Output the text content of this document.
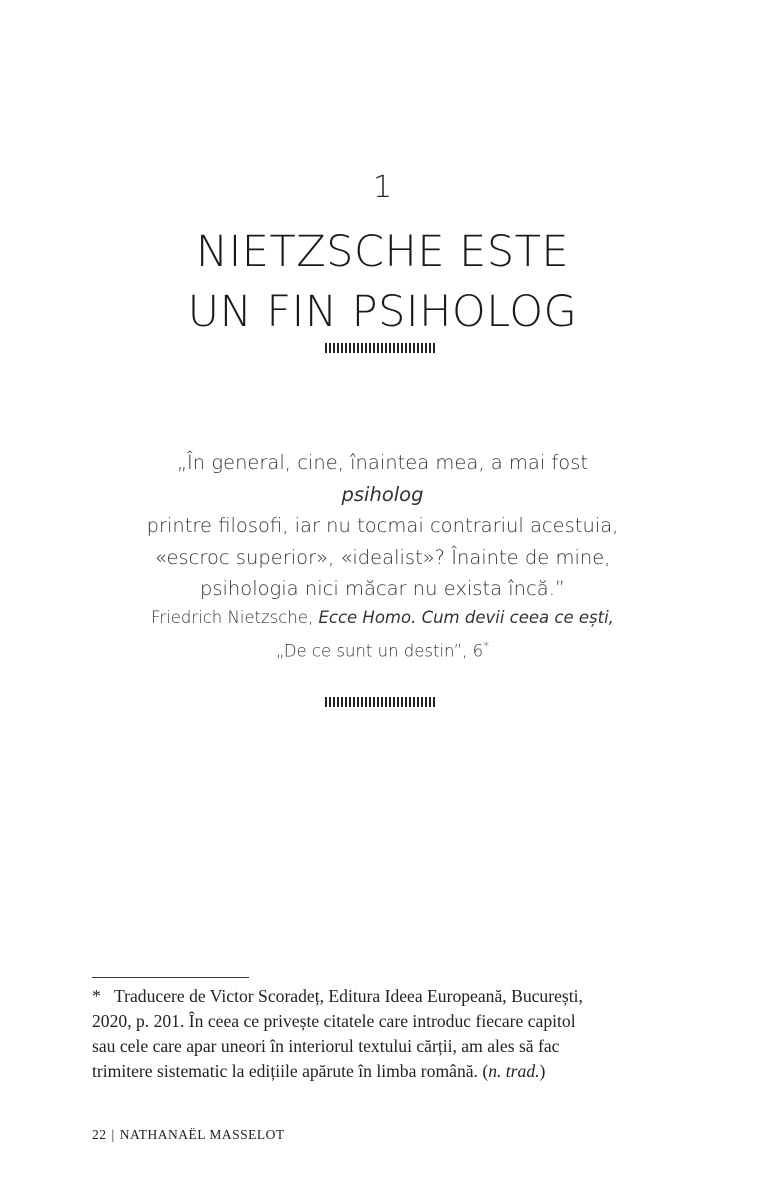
1
NIETZSCHE ESTE
UN FIN PSIHOLOG

„În general, cine, înaintea mea, a mai fost
psiholog
printre filosofi, iar nu tocmai contrariul acestuia,
«escroc superior», «idealist»? Înainte de mine,
psihologia nici măcar nu exista încă.”

Friedrich Nietzsche, Ecce Homo. Cum devii ceea ce ești,
„De ce sunt un destin”, 6*

* Traducere de Victor Scoradeț, Editura Ideea Europeană, București,
2020, p. 201. În ceea ce privește citatele care introduc fiecare capitol
sau cele care apar uneori în interiorul textului cărții, am ales să fac
trimitere sistematic la edițiile apărute în limba română. (n. trad.)

22 | NATHANAËL MASSELOT
